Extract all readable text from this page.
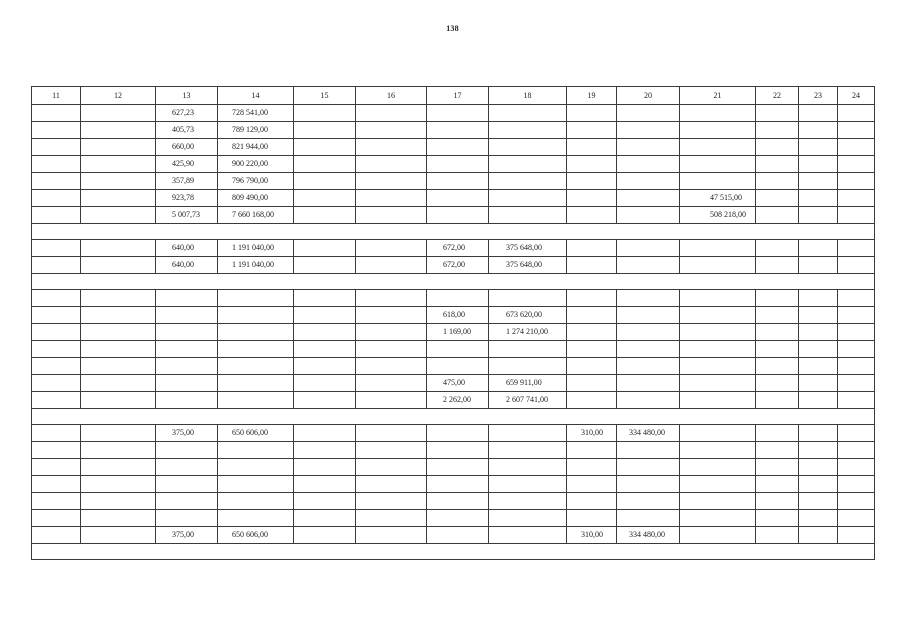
138
11	12	13	14	15	16	17	18	19	20	21	22	23	24
		627,23	728 541,00										
		405,73	789 129,00										
		660,00	821 944,00										
		425,90	900 220,00										
		357,89	796 790,00										
		923,78	809 490,00							47 515,00			
		5 007,73	7 660 168,00							508 218,00			

		640,00	1 191 040,00			672,00	375 648,00						
		640,00	1 191 040,00			672,00	375 648,00						

						618,00	673 620,00						
						1 169,00	1 274 210,00						

						475,00	659 911,00						
						2 262,00	2 607 741,00						

		375,00	650 606,00					310,00	334 480,00				

		375,00	650 606,00					310,00	334 480,00				
